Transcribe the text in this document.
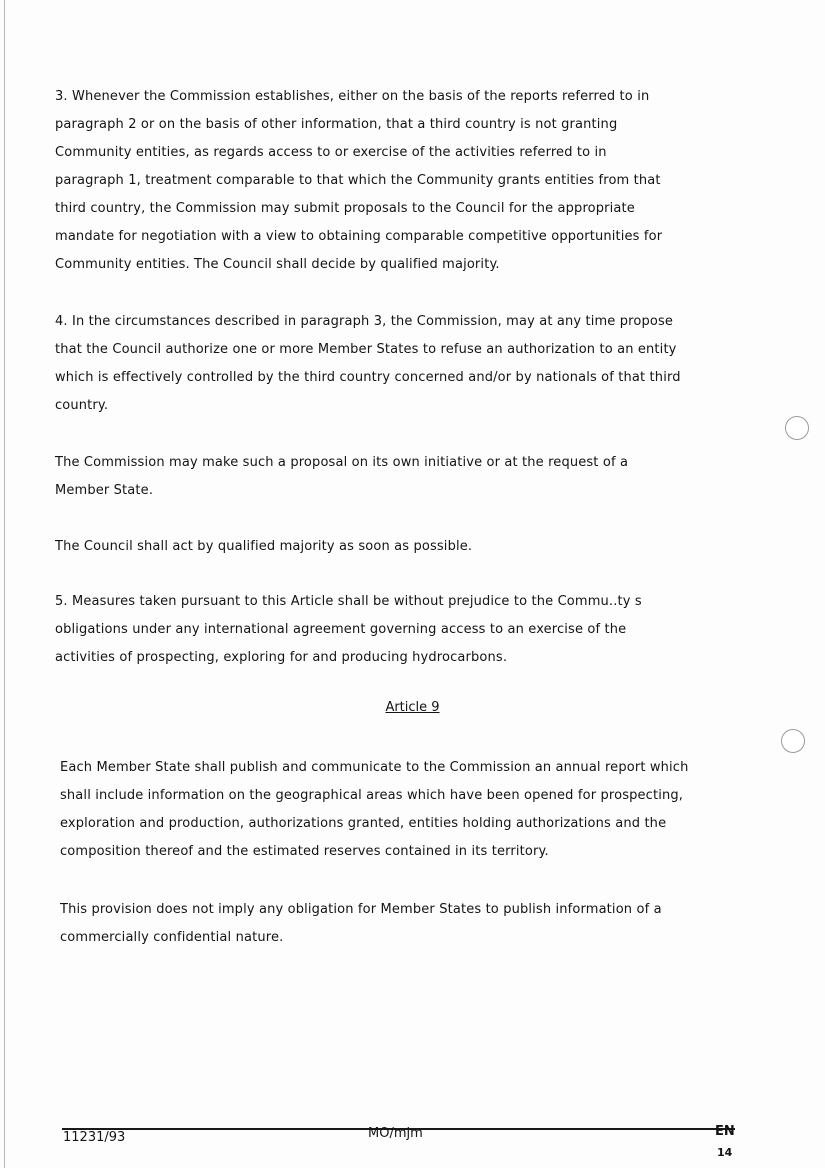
3. Whenever the Commission establishes, either on the basis of the reports referred to in
paragraph 2 or on the basis of other information, that a third country is not granting
Community entities, as regards access to or exercise of the activities referred to in
paragraph 1, treatment comparable to that which the Community grants entities from that
third country, the Commission may submit proposals to the Council for the appropriate
mandate for negotiation with a view to obtaining comparable competitive opportunities for
Community entities. The Council shall decide by qualified majority.

4. In the circumstances described in paragraph 3, the Commission, may at any time propose
that the Council authorize one or more Member States to refuse an authorization to an entity
which is effectively controlled by the third country concerned and/or by nationals of that third
country.

The Commission may make such a proposal on its own initiative or at the request of a
Member State.

The Council shall act by qualified majority as soon as possible.

5. Measures taken pursuant to this Article shall be without prejudice to the Commu..ty s
obligations under any international agreement governing access to an exercise of the
activities of prospecting, exploring for and producing hydrocarbons.

Article 9

Each Member State shall publish and communicate to the Commission an annual report which
shall include information on the geographical areas which have been opened for prospecting,
exploration and production, authorizations granted, entities holding authorizations and the
composition thereof and the estimated reserves contained in its territory.

This provision does not imply any obligation for Member States to publish information of a
commercially confidential nature.

11231/93	MO/mjm	EN

14
